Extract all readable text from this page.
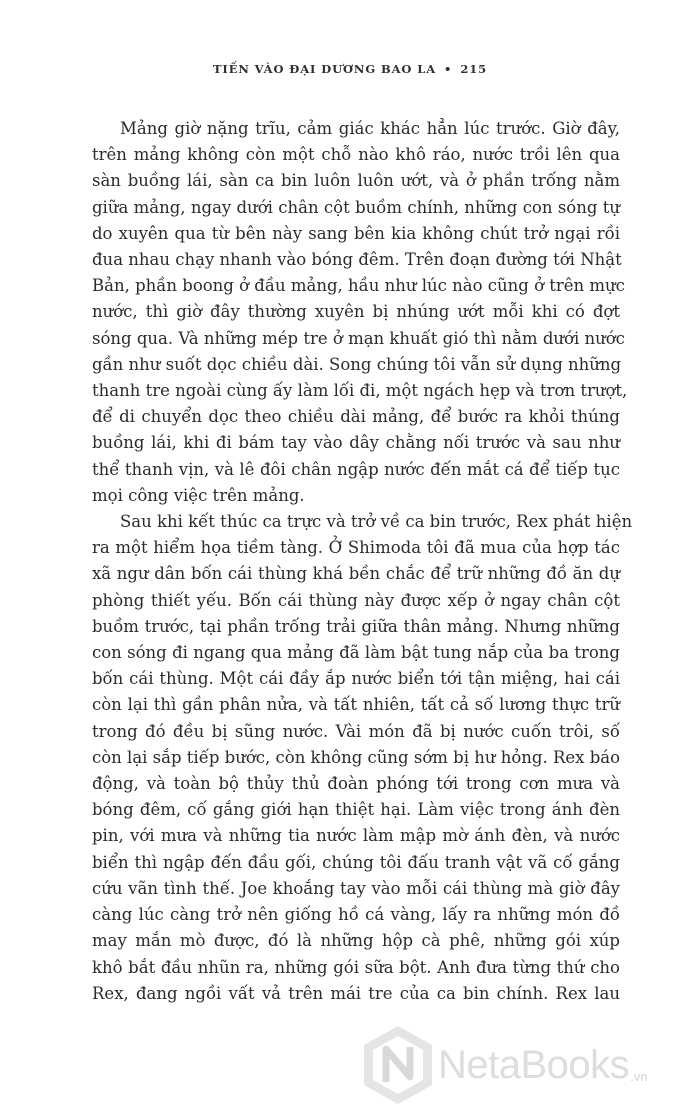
TIẾN VÀO ĐẠI DƯƠNG BAO LA • 215

Mảng giờ nặng trĩu, cảm giác khác hẳn lúc trước. Giờ đây,
trên mảng không còn một chỗ nào khô ráo, nước trồi lên qua
sàn buồng lái, sàn ca bin luôn luôn ướt, và ở phần trống nằm
giữa mảng, ngay dưới chân cột buồm chính, những con sóng tự
do xuyên qua từ bên này sang bên kia không chút trở ngại rồi
đua nhau chạy nhanh vào bóng đêm. Trên đoạn đường tới Nhật
Bản, phần boong ở đầu mảng, hầu như lúc nào cũng ở trên mực
nước, thì giờ đây thường xuyên bị nhúng ướt mỗi khi có đợt
sóng qua. Và những mép tre ở mạn khuất gió thì nằm dưới nước
gần như suốt dọc chiều dài. Song chúng tôi vẫn sử dụng những
thanh tre ngoài cùng ấy làm lối đi, một ngách hẹp và trơn trượt,
để di chuyển dọc theo chiều dài mảng, để bước ra khỏi thúng
buồng lái, khi đi bám tay vào dây chằng nối trước và sau như
thể thanh vịn, và lê đôi chân ngập nước đến mắt cá để tiếp tục
mọi công việc trên mảng.

Sau khi kết thúc ca trực và trở về ca bin trước, Rex phát hiện
ra một hiểm họa tiềm tàng. Ở Shimoda tôi đã mua của hợp tác
xã ngư dân bốn cái thùng khá bền chắc để trữ những đồ ăn dự
phòng thiết yếu. Bốn cái thùng này được xếp ở ngay chân cột
buồm trước, tại phần trống trải giữa thân mảng. Nhưng những
con sóng đi ngang qua mảng đã làm bật tung nắp của ba trong
bốn cái thùng. Một cái đầy ắp nước biển tới tận miệng, hai cái
còn lại thì gần phân nửa, và tất nhiên, tất cả số lương thực trữ
trong đó đều bị sũng nước. Vài món đã bị nước cuốn trôi, số
còn lại sắp tiếp bước, còn không cũng sớm bị hư hỏng. Rex báo
động, và toàn bộ thủy thủ đoàn phóng tới trong cơn mưa và
bóng đêm, cố gắng giới hạn thiệt hại. Làm việc trong ánh đèn
pin, với mưa và những tia nước làm mập mờ ánh đèn, và nước
biển thì ngập đến đầu gối, chúng tôi đấu tranh vật vã cố gắng
cứu vãn tình thế. Joe khoắng tay vào mỗi cái thùng mà giờ đây
càng lúc càng trở nên giống hồ cá vàng, lấy ra những món đồ
may mắn mò được, đó là những hộp cà phê, những gói xúp
khô bắt đầu nhũn ra, những gói sữa bột. Anh đưa từng thứ cho
Rex, đang ngồi vất vả trên mái tre của ca bin chính. Rex lau

NetaBooks .vn
